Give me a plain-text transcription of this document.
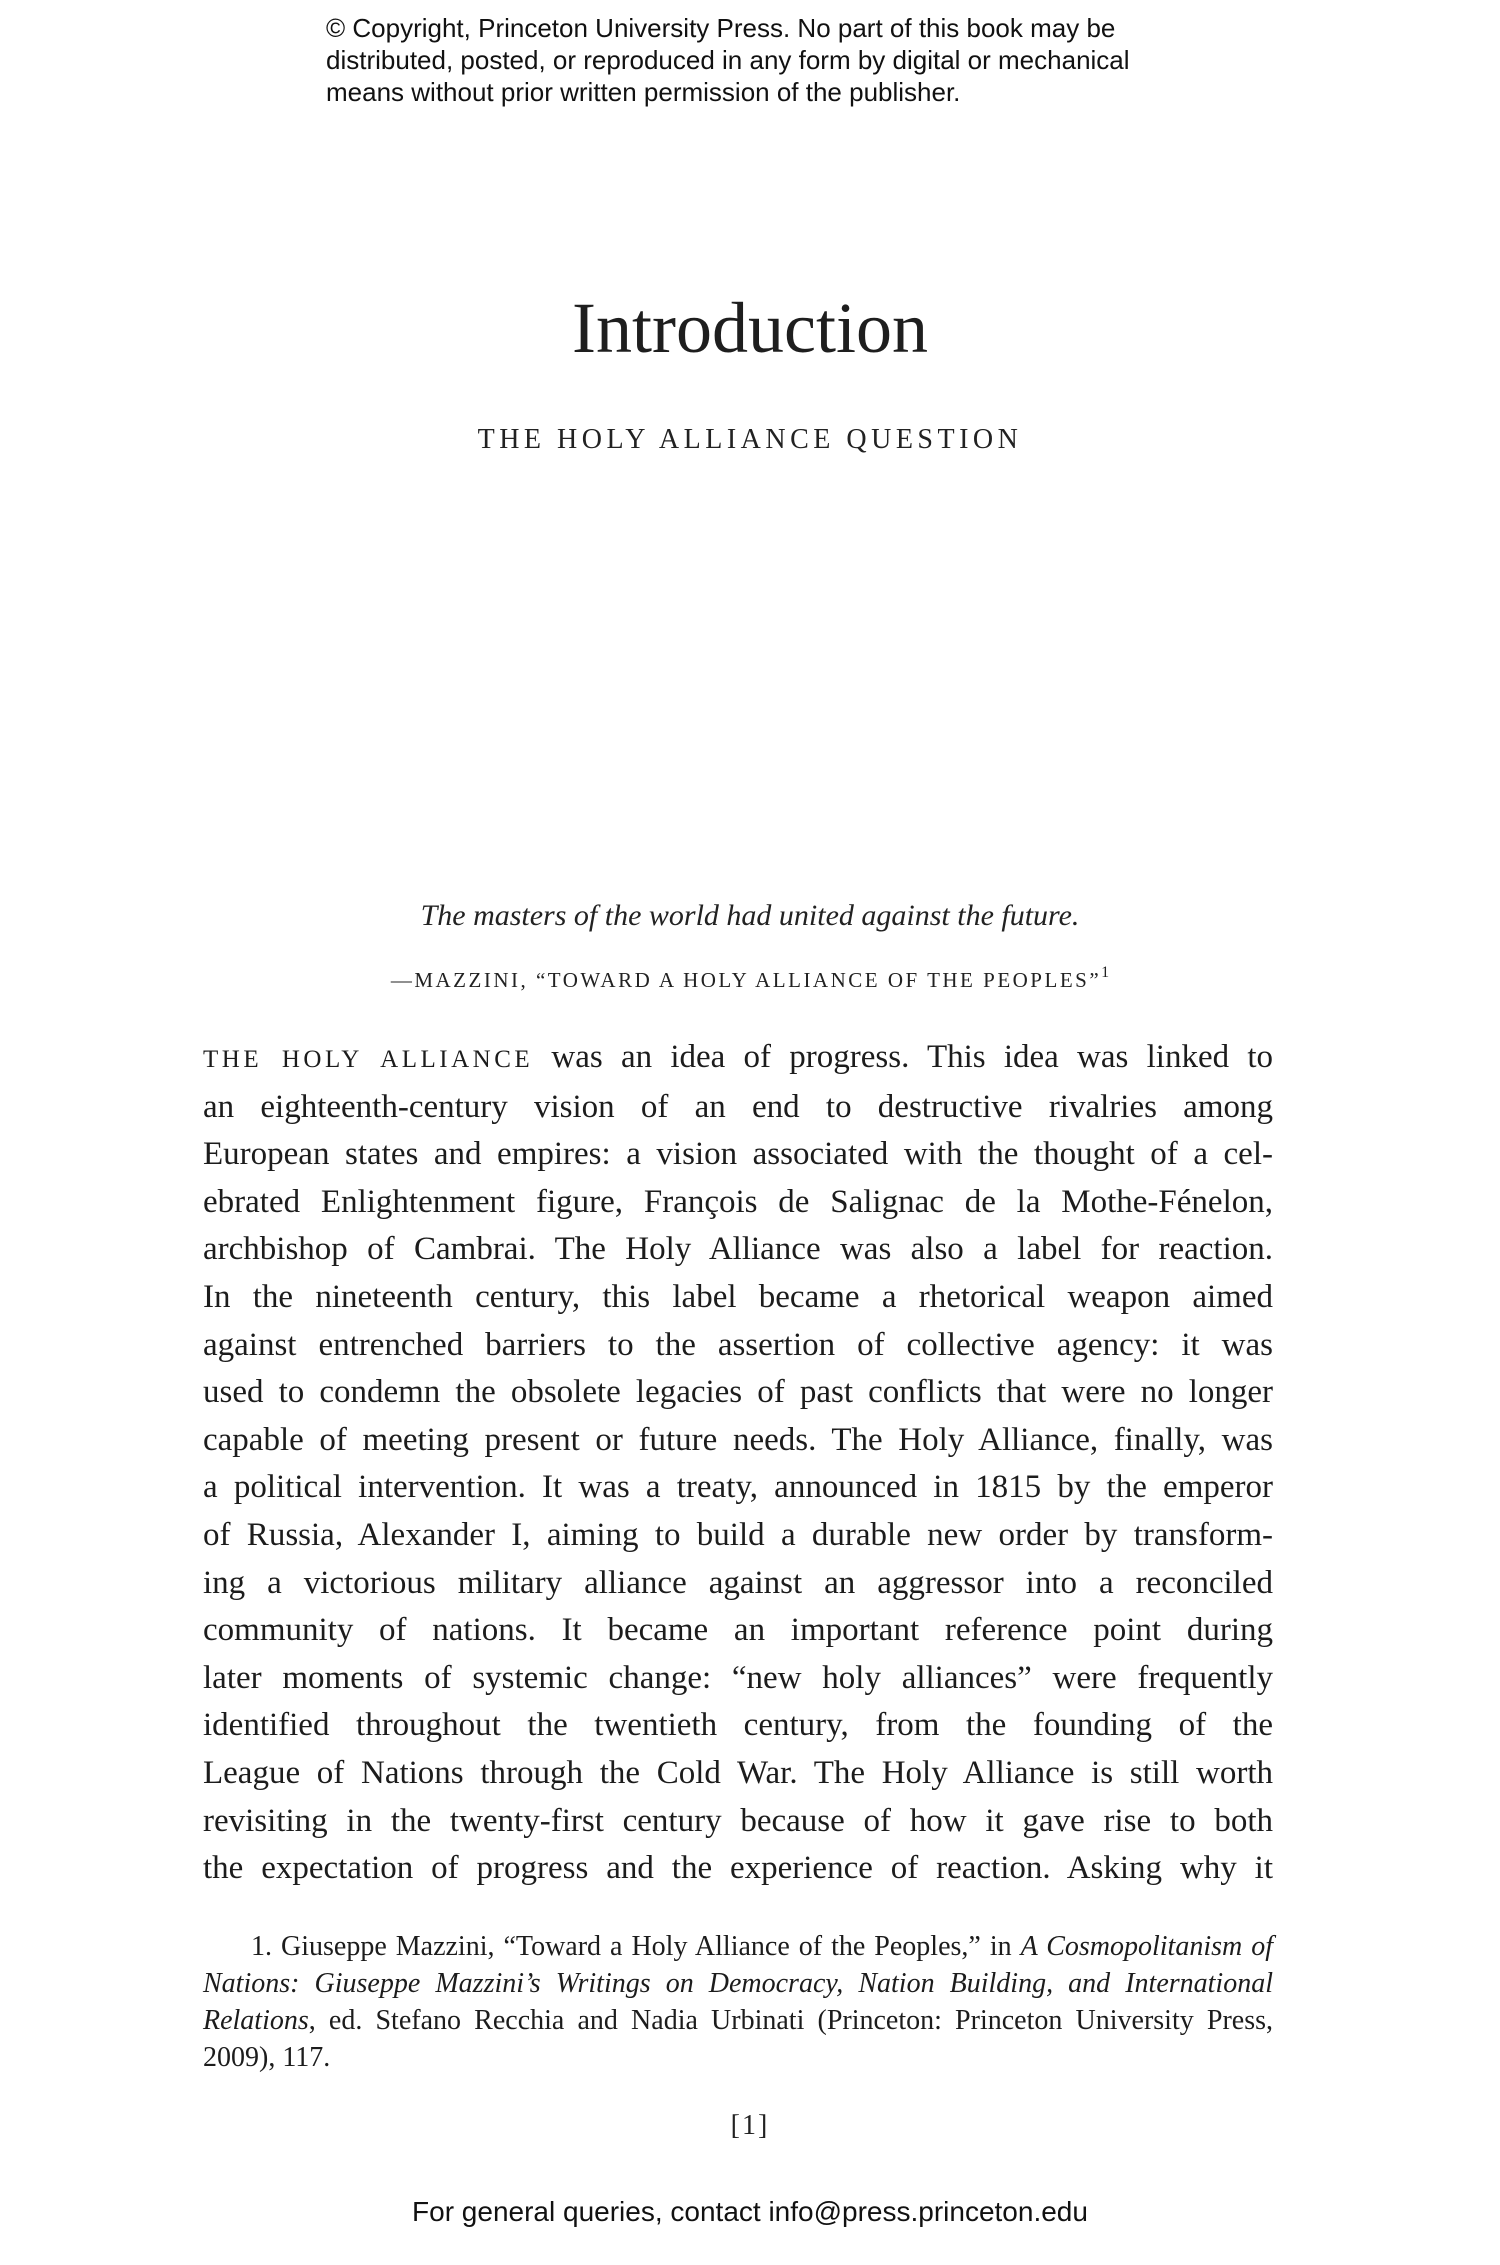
© Copyright, Princeton University Press. No part of this book may be
distributed, posted, or reproduced in any form by digital or mechanical
means without prior written permission of the publisher.
Introduction
THE HOLY ALLIANCE QUESTION
The masters of the world had united against the future.
—MAZZINI, “TOWARD A HOLY ALLIANCE OF THE PEOPLES”$^1$
THE HOLY ALLIANCE was an idea of progress. This idea was linked to
an eighteenth-century vision of an end to destructive rivalries among
European states and empires: a vision associated with the thought of a cel-
ebrated Enlightenment figure, François de Salignac de la Mothe-Fénelon,
archbishop of Cambrai. The Holy Alliance was also a label for reaction.
In the nineteenth century, this label became a rhetorical weapon aimed
against entrenched barriers to the assertion of collective agency: it was
used to condemn the obsolete legacies of past conflicts that were no longer
capable of meeting present or future needs. The Holy Alliance, finally, was
a political intervention. It was a treaty, announced in 1815 by the emperor
of Russia, Alexander I, aiming to build a durable new order by transform-
ing a victorious military alliance against an aggressor into a reconciled
community of nations. It became an important reference point during
later moments of systemic change: “new holy alliances” were frequently
identified throughout the twentieth century, from the founding of the
League of Nations through the Cold War. The Holy Alliance is still worth
revisiting in the twenty-first century because of how it gave rise to both
the expectation of progress and the experience of reaction. Asking why it
1. Giuseppe Mazzini, “Toward a Holy Alliance of the Peoples,” in A Cosmopolitanism of
Nations: Giuseppe Mazzini’s Writings on Democracy, Nation Building, and International
Relations, ed. Stefano Recchia and Nadia Urbinati (Princeton: Princeton University Press,
2009), 117.
[1]
For general queries, contact info@press.princeton.edu
